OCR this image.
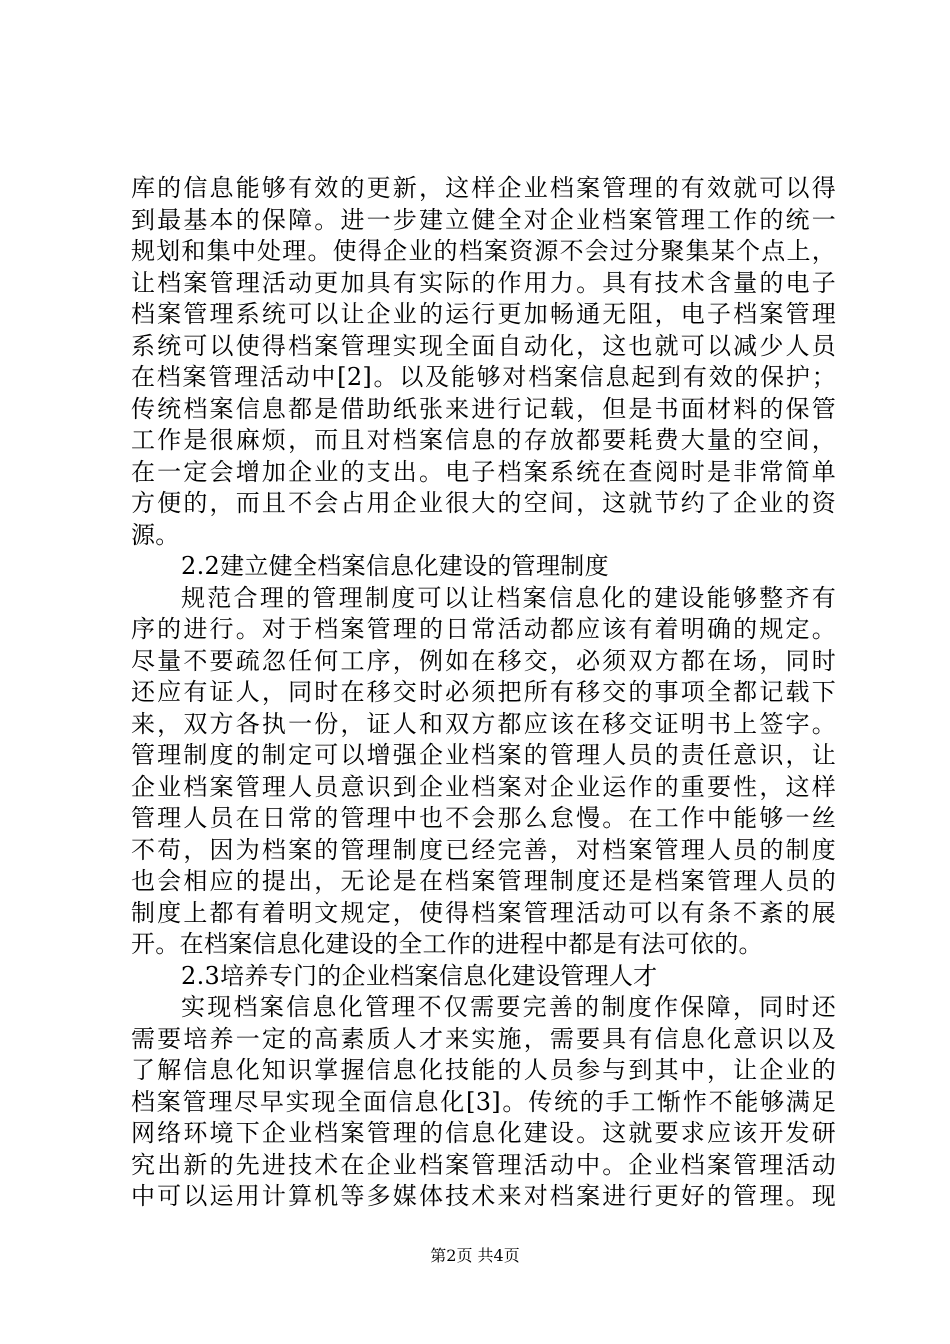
库的信息能够有效的更新，这样企业档案管理的有效就可以得
到最基本的保障。进一步建立健全对企业档案管理工作的统一
规划和集中处理。使得企业的档案资源不会过分聚集某个点上，
让档案管理活动更加具有实际的作用力。具有技术含量的电子
档案管理系统可以让企业的运行更加畅通无阻，电子档案管理
系统可以使得档案管理实现全面自动化，这也就可以减少人员
在档案管理活动中[2]。以及能够对档案信息起到有效的保护；
传统档案信息都是借助纸张来进行记载，但是书面材料的保管
工作是很麻烦，而且对档案信息的存放都要耗费大量的空间，
在一定会增加企业的支出。电子档案系统在查阅时是非常简单
方便的，而且不会占用企业很大的空间，这就节约了企业的资
源。
2.2建立健全档案信息化建设的管理制度
规范合理的管理制度可以让档案信息化的建设能够整齐有
序的进行。对于档案管理的日常活动都应该有着明确的规定。
尽量不要疏忽任何工序，例如在移交，必须双方都在场，同时
还应有证人，同时在移交时必须把所有移交的事项全都记载下
来，双方各执一份，证人和双方都应该在移交证明书上签字。
管理制度的制定可以增强企业档案的管理人员的责任意识，让
企业档案管理人员意识到企业档案对企业运作的重要性，这样
管理人员在日常的管理中也不会那么怠慢。在工作中能够一丝
不苟，因为档案的管理制度已经完善，对档案管理人员的制度
也会相应的提出，无论是在档案管理制度还是档案管理人员的
制度上都有着明文规定，使得档案管理活动可以有条不紊的展
开。在档案信息化建设的全工作的进程中都是有法可依的。
2.3培养专门的企业档案信息化建设管理人才
实现档案信息化管理不仅需要完善的制度作保障，同时还
需要培养一定的高素质人才来实施，需要具有信息化意识以及
了解信息化知识掌握信息化技能的人员参与到其中，让企业的
档案管理尽早实现全面信息化[3]。传统的手工惭怍不能够满足
网络环境下企业档案管理的信息化建设。这就要求应该开发研
究出新的先进技术在企业档案管理活动中。企业档案管理活动
中可以运用计算机等多媒体技术来对档案进行更好的管理。现
第2页 共4页
